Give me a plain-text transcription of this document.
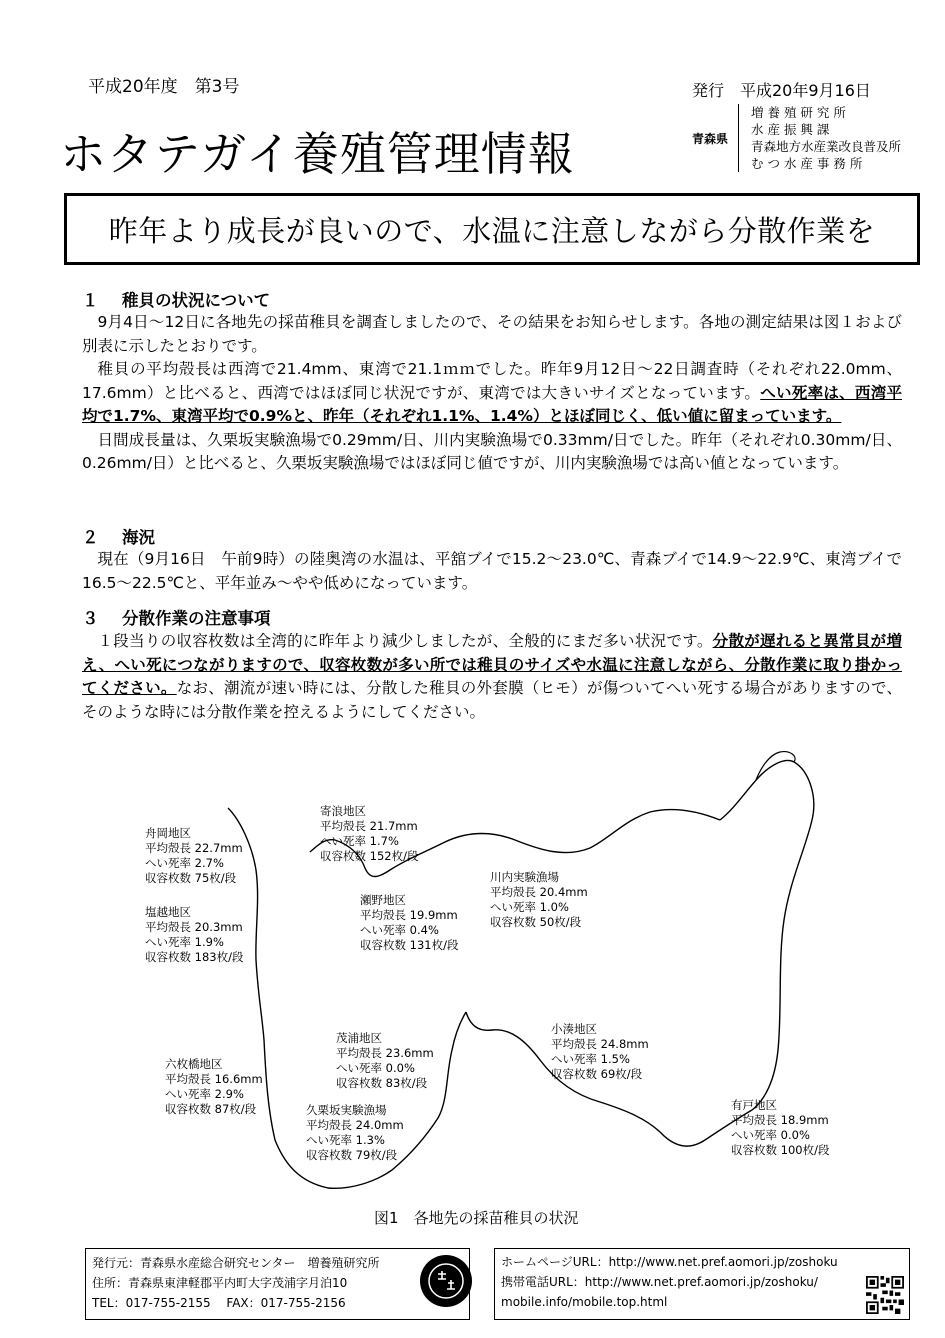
平成20年度　第3号	発行　平成20年9月16日
ホタテガイ養殖管理情報	青森県
増 養 殖 研 究 所
水 産 振 興 課
青森地方水産業改良普及所
む つ 水 産 事 務 所
昨年より成長が良いので、水温に注意しながら分散作業を
１ 稚貝の状況について

9月4日～12日に各地先の採苗稚貝を調査しましたので、その結果をお知らせします。各地の測定結果は図１および別表に示したとおりです。

稚貝の平均殻長は西湾で21.4mm、東湾で21.1ｍｍでした。昨年9月12日～22日調査時（それぞれ22.0mm、17.6mm）と比べると、西湾ではほぼ同じ状況ですが、東湾では大きいサイズとなっています。へい死率は、西湾平均で1.7%、東湾平均で0.9%と、昨年（それぞれ1.1%、1.4%）とほぼ同じく、低い値に留まっています。

日間成長量は、久栗坂実験漁場で0.29mm/日、川内実験漁場で0.33mm/日でした。昨年（それぞれ0.30mm/日、0.26mm/日）と比べると、久栗坂実験漁場ではほぼ同じ値ですが、川内実験漁場では高い値となっています。

２ 海況

現在（9月16日　午前9時）の陸奥湾の水温は、平舘ブイで15.2～23.0℃、青森ブイで14.9～22.9℃、東湾ブイで16.5～22.5℃と、平年並み～やや低めになっています。

３ 分散作業の注意事項

１段当りの収容枚数は全湾的に昨年より減少しましたが、全般的にまだ多い状況です。分散が遅れると異常貝が増え、へい死につながりますので、収容枚数が多い所では稚貝のサイズや水温に注意しながら、分散作業に取り掛かってください。なお、潮流が速い時には、分散した稚貝の外套膜（ヒモ）が傷ついてへい死する場合がありますので、そのような時には分散作業を控えるようにしてください。

寄浪地区
平均殻長 21.7mm
へい死率 1.7%
収容枚数 152枚/段
舟岡地区
平均殻長 22.7mm
へい死率 2.7%
収容枚数 75枚/段
瀬野地区
平均殻長 19.9mm
へい死率 0.4%
収容枚数 131枚/段
川内実験漁場
平均殻長 20.4mm
へい死率 1.0%
収容枚数 50枚/段
塩越地区
平均殻長 20.3mm
へい死率 1.9%
収容枚数 183枚/段
茂浦地区
平均殻長 23.6mm
へい死率 0.0%
収容枚数 83枚/段
小湊地区
平均殻長 24.8mm
へい死率 1.5%
収容枚数 69枚/段
六枚橋地区
平均殻長 16.6mm
へい死率 2.9%
収容枚数 87枚/段	久栗坂実験漁場
平均殻長 24.0mm
へい死率 1.3%
収容枚数 79枚/段
有戸地区
平均殻長 18.9mm
へい死率 0.0%
収容枚数 100枚/段
図1　各地先の採苗稚貝の状況
発行元：青森県水産総合研究センター　増養殖研究所
住所：青森県東津軽郡平内町大字茂浦字月泊10
TEL：017-755-2155　 FAX：017-755-2156
ホームページURL：http://www.net.pref.aomori.jp/zoshoku
携帯電話URL：http://www.net.pref.aomori.jp/zoshoku/
mobile.info/mobile.top.html
